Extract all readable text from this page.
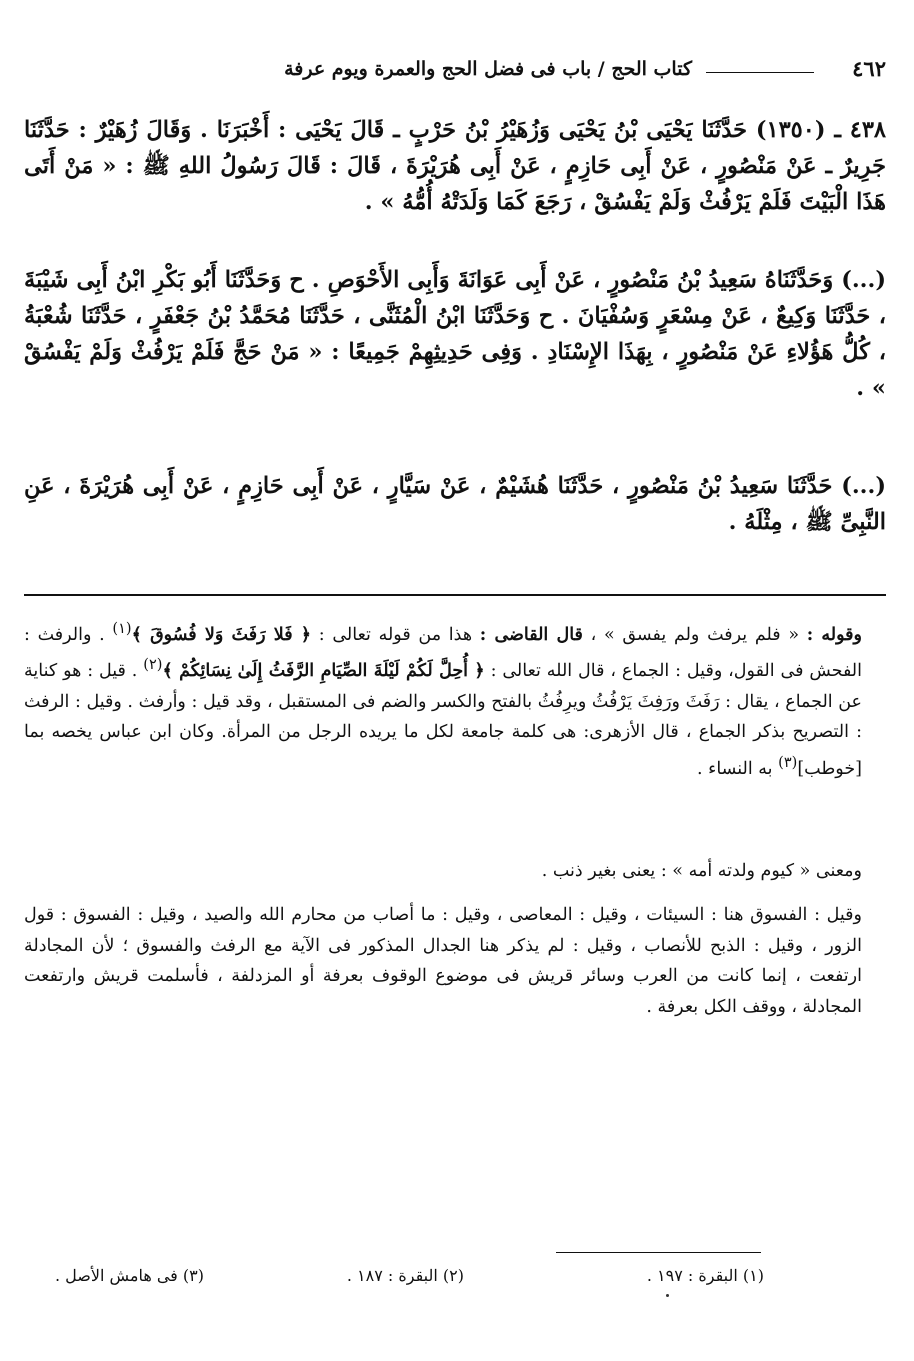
٤٦٢
كتاب الحج / باب فى فضل الحج والعمرة ويوم عرفة
٤٣٨ ـ (١٣٥٠) حَدَّثَنَا يَحْيَى بْنُ يَحْيَى وَزُهَيْرُ بْنُ حَرْبٍ ـ قَالَ يَحْيَى : أَخْبَرَنَا . وَقَالَ زُهَيْرٌ : حَدَّثَنَا جَرِيرٌ ـ عَنْ مَنْصُورٍ ، عَنْ أَبِى حَازِمٍ ، عَنْ أَبِى هُرَيْرَةَ ، قَالَ : قَالَ رَسُولُ اللهِ ﷺ : « مَنْ أَتَى هَذَا الْبَيْتَ فَلَمْ يَرْفُثْ وَلَمْ يَفْسُقْ ، رَجَعَ كَمَا وَلَدَتْهُ أُمُّهُ » .
(...) وَحَدَّثَنَاهُ سَعِيدُ بْنُ مَنْصُورٍ ، عَنْ أَبِى عَوَانَةَ وَأَبِى الأَحْوَصِ . ح وَحَدَّثَنَا أَبُو بَكْرِ ابْنُ أَبِى شَيْبَةَ ، حَدَّثَنَا وَكِيعٌ ، عَنْ مِسْعَرٍ وَسُفْيَانَ . ح وَحَدَّثَنَا ابْنُ الْمُثَنَّى ، حَدَّثَنَا مُحَمَّدُ بْنُ جَعْفَرٍ ، حَدَّثَنَا شُعْبَةُ ، كُلُّ هَؤُلاءِ عَنْ مَنْصُورٍ ، بِهَذَا الإِسْنَادِ . وَفِى حَدِيثِهِمْ جَمِيعًا : « مَنْ حَجَّ فَلَمْ يَرْفُثْ وَلَمْ يَفْسُقْ » .
(...) حَدَّثَنَا سَعِيدُ بْنُ مَنْصُورٍ ، حَدَّثَنَا هُشَيْمٌ ، عَنْ سَيَّارٍ ، عَنْ أَبِى حَازِمٍ ، عَنْ أَبِى هُرَيْرَةَ ، عَنِ النَّبِىِّ ﷺ ، مِثْلَهُ .

وقوله : « فلم يرفث ولم يفسق » ، قال القاضى : هذا من قوله تعالى : ﴿ فَلا رَفَثَ وَلا فُسُوقَ ﴾$^{(١)}$ . والرفث : الفحش فى القول، وقيل : الجماع ، قال الله تعالى : ﴿ أُحِلَّ لَكُمْ لَيْلَةَ الصِّيَامِ الرَّفَثُ إِلَىٰ نِسَائِكُمْ ﴾$^{(٢)}$ . قيل : هو كناية عن الجماع ، يقال : رَفَثَ ورَفِثَ يَرْفُثُ ويرِفُثُ بالفتح والكسر والضم فى المستقبل ، وقد قيل : وأرفث . وقيل : الرفث : التصريح بذكر الجماع ، قال الأزهرى: هى كلمة جامعة لكل ما يريده الرجل من المرأة. وكان ابن عباس يخصه بما [خوطب]$^{(٣)}$ به النساء .

ومعنى « كيوم ولدته أمه » : يعنى بغير ذنب .

وقيل : الفسوق هنا : السيئات ، وقيل : المعاصى ، وقيل : ما أصاب من محارم الله والصيد ، وقيل : الفسوق : قول الزور ، وقيل : الذبح للأنصاب ، وقيل : لم يذكر هنا الجدال المذكور فى الآية مع الرفث والفسوق ؛ لأن المجادلة ارتفعت ، إنما كانت من العرب وسائر قريش فى موضوع الوقوف بعرفة أو المزدلفة ، فأسلمت قريش وارتفعت المجادلة ، ووقف الكل بعرفة .

(١) البقرة : ١٩٧ .
(٢) البقرة : ١٨٧ .
(٣) فى هامش الأصل .
